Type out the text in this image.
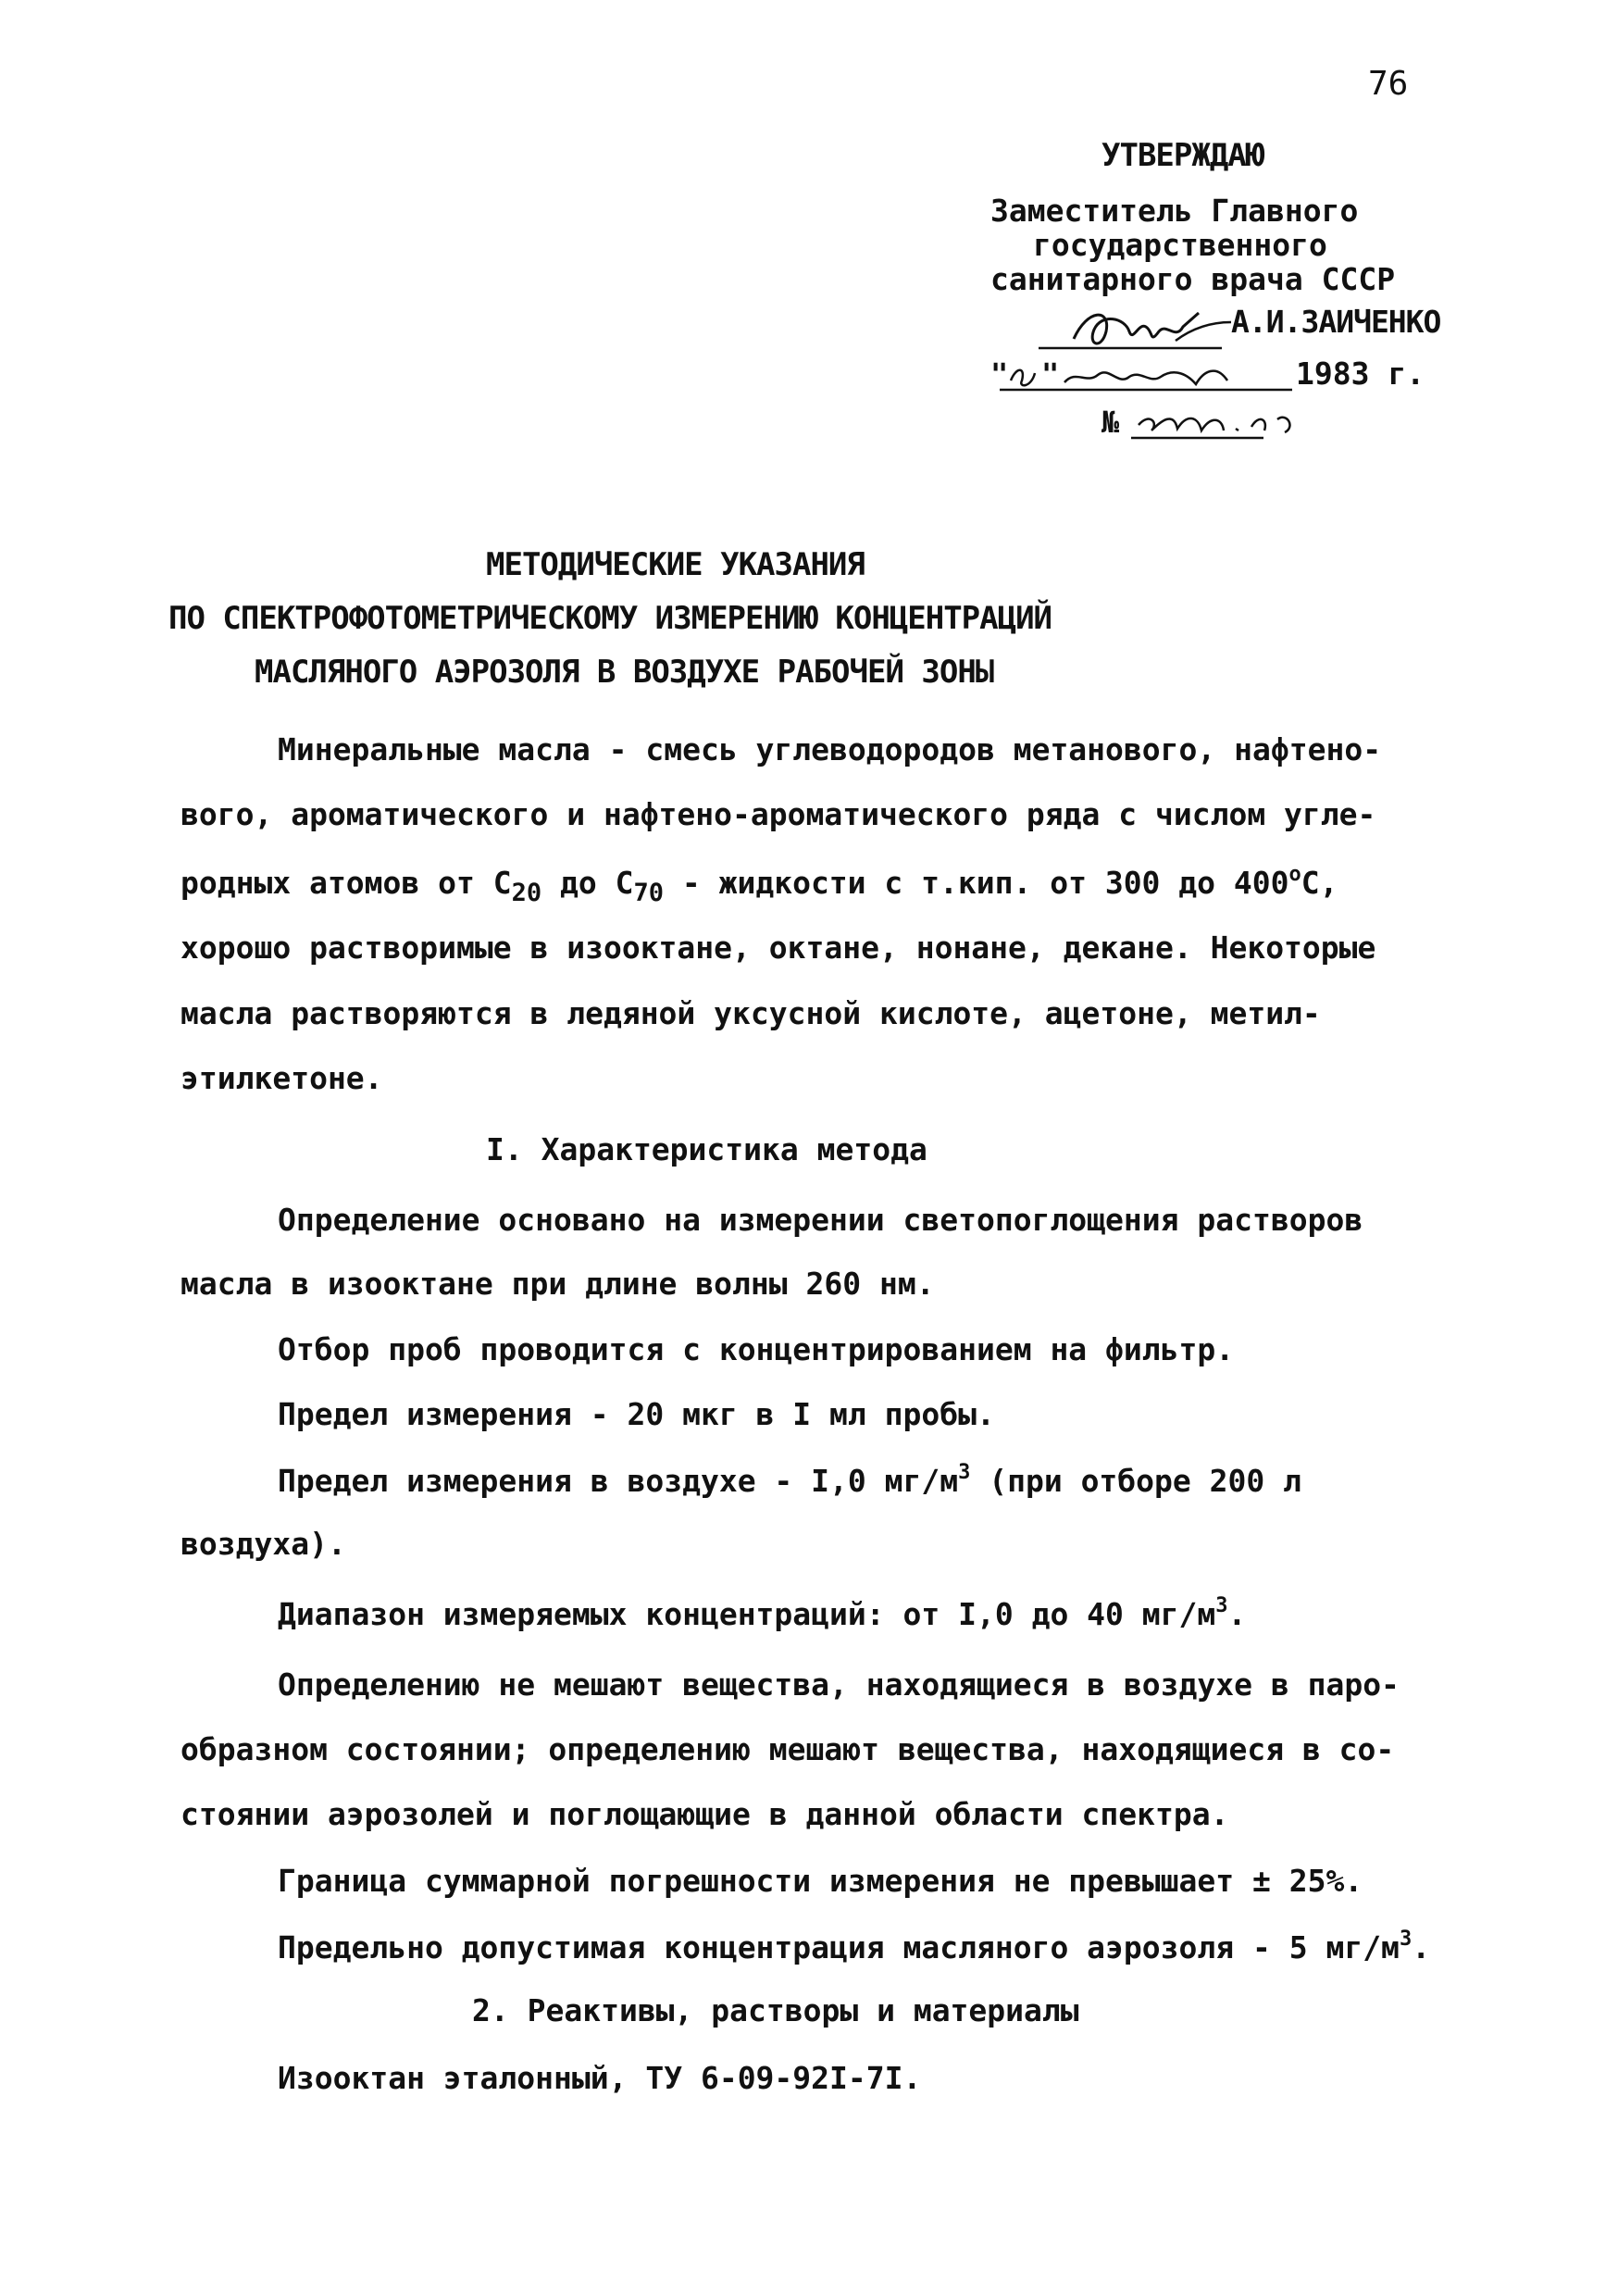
76
УТВЕРЖДАЮ
Заместитель Главного
государственного
санитарного врача СССР
А.И.ЗАИЧЕНКО
" "	1983 г.
№
МЕТОДИЧЕСКИЕ УКАЗАНИЯ
ПО СПЕКТРОФОТОМЕТРИЧЕСКОМУ ИЗМЕРЕНИЮ КОНЦЕНТРАЦИЙ
МАСЛЯНОГО АЭРОЗОЛЯ В ВОЗДУХЕ РАБОЧЕЙ ЗОНЫ
Минеральные масла - смесь углеводородов метанового, нафтено-
вого, ароматического и нафтено-ароматического ряда с числом угле-
родных атомов от $С_{20}$ до $С_{70}$ - жидкости с т.кип. от 300 до $400^оС$,
хорошо растворимые в изооктане, октане, нонане, декане. Некоторые
масла растворяются в ледяной уксусной кислоте, ацетоне, метил-
этилкетоне.
I. Характеристика метода
Определение основано на измерении светопоглощения растворов
масла в изооктане при длине волны 260 нм.
Отбор проб проводится с концентрированием на фильтр.
Предел измерения - 20 мкг в I мл пробы.
Предел измерения в воздухе - I,0 $мг/м^3$ (при отборе 200 л
воздуха).
Диапазон измеряемых концентраций: от I,0 до 40 $мг/м^3$.
Определению не мешают вещества, находящиеся в воздухе в паро-
образном состоянии; определению мешают вещества, находящиеся в со-
стоянии аэрозолей и поглощающие в данной области спектра.
Граница суммарной погрешности измерения не превышает ± 25%.
Предельно допустимая концентрация масляного аэрозоля - 5 $мг/м^3$.
2. Реактивы, растворы и материалы
Изооктан эталонный, ТУ 6-09-92I-7I.
